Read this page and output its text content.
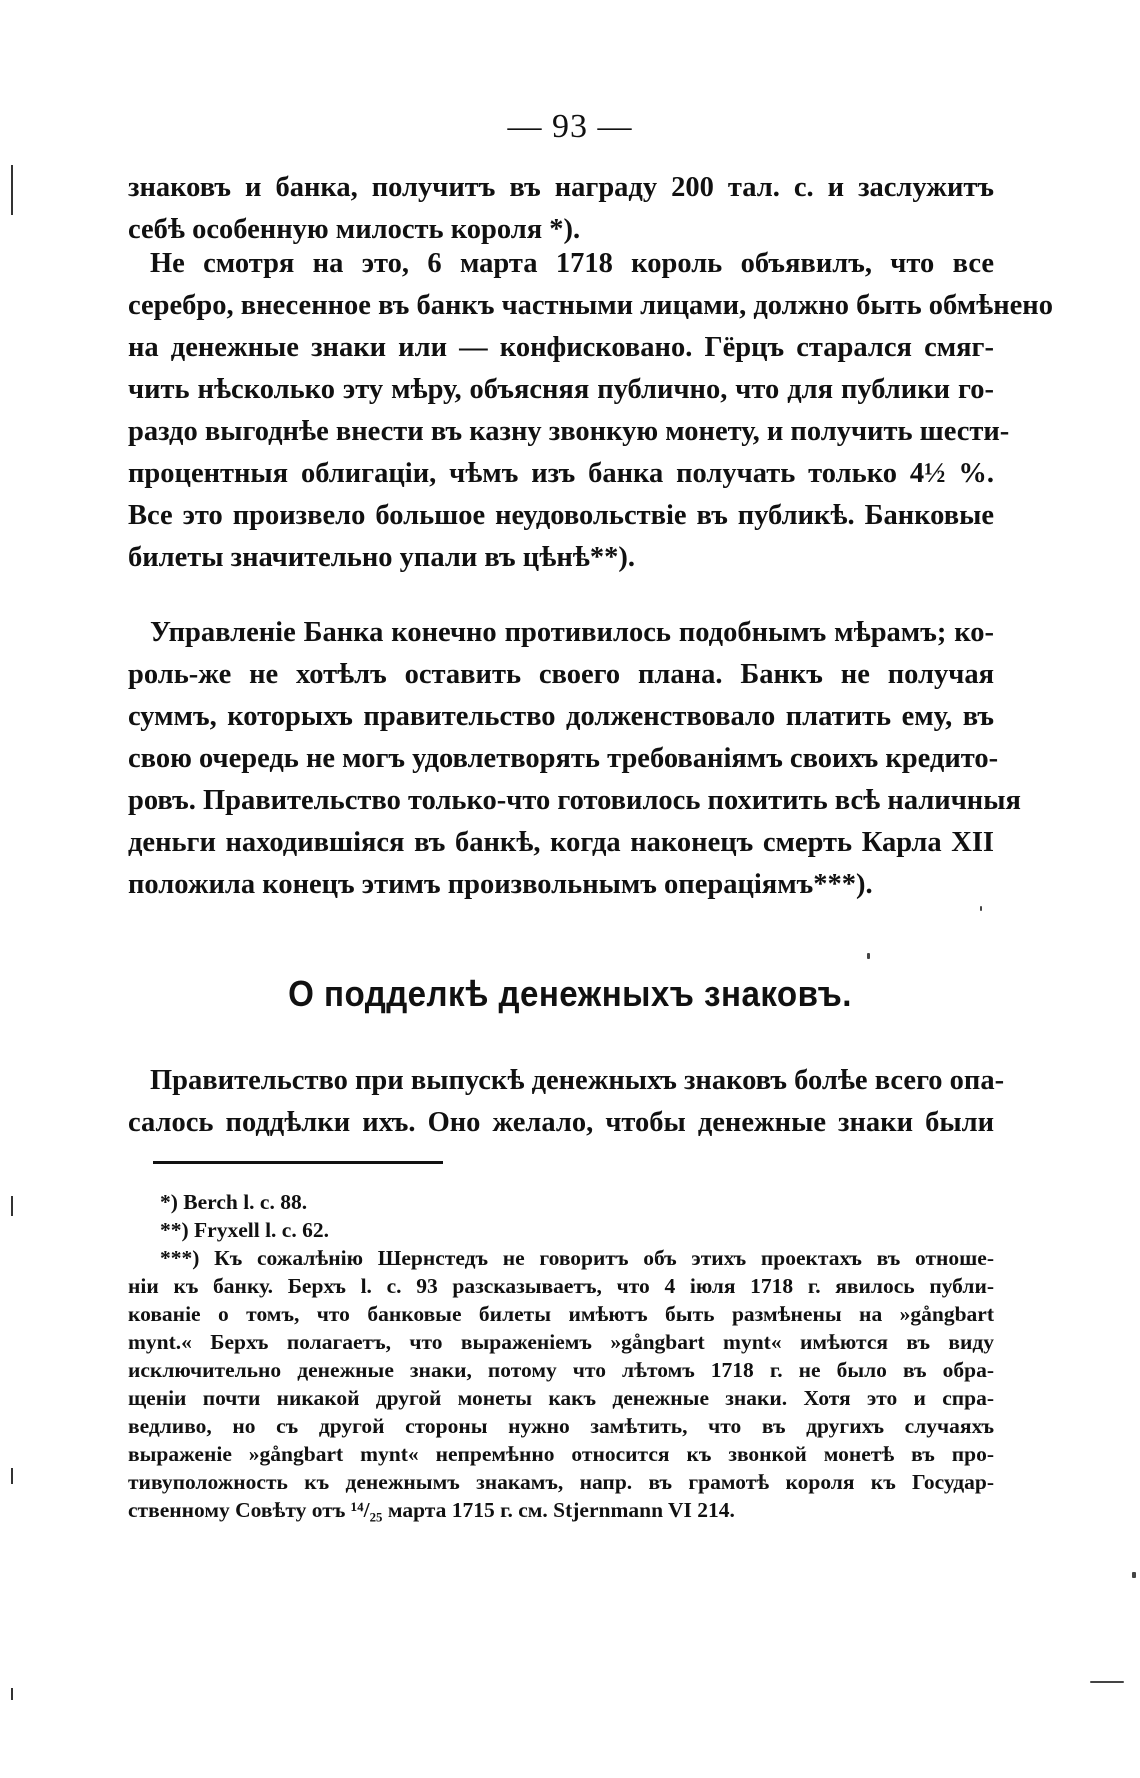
— 93 —
знаковъ и банка, получитъ въ награду 200 тал. с. и заслужитъ
себѣ особенную милость короля *).
Не смотря на это, 6 марта 1718 король объявилъ, что все
серебро, внесенное въ банкъ частными лицами, должно быть обмѣнено
на денежные знаки или — конфисковано. Гёрцъ старался смяг-
чить нѣсколько эту мѣру, объясняя публично, что для публики го-
раздо выгоднѣе внести въ казну звонкую монету, и получить шести-
процентныя облигаціи, чѣмъ изъ банка получать только 4½ %.
Все это произвело большое неудовольствіе въ публикѣ. Банковые
билеты значительно упали въ цѣнѣ**).
Управленіе Банка конечно противилось подобнымъ мѣрамъ; ко-
роль-же не хотѣлъ оставить своего плана. Банкъ не получая
суммъ, которыхъ правительство долженствовало платить ему, въ
свою очередь не могъ удовлетворять требованіямъ своихъ кредито-
ровъ. Правительство только-что готовилось похитить всѣ наличныя
деньги находившіяся въ банкѣ, когда наконецъ смерть Карла XII
положила конецъ этимъ произвольнымъ операціямъ***).
О подделкѣ денежныхъ знаковъ.
Правительство при выпускѣ денежныхъ знаковъ болѣе всего опа-
салось поддѣлки ихъ. Оно желало, чтобы денежные знаки были
*) Berch l. c. 88.
**) Fryxell l. c. 62.
***) Къ сожалѣнію Шернстедъ не говоритъ объ этихъ проектахъ въ отноше-
ніи къ банку. Берхъ l. c. 93 разсказываетъ, что 4 іюля 1718 г. явилось публи-
кованіе о томъ, что банковые билеты имѣютъ быть размѣнены на »gångbart
mynt.« Берхъ полагаетъ, что выраженіемъ »gångbart mynt« имѣются въ виду
исключительно денежные знаки, потому что лѣтомъ 1718 г. не было въ обра-
щеніи почти никакой другой монеты какъ денежные знаки. Хотя это и спра-
ведливо, но съ другой стороны нужно замѣтить, что въ другихъ случаяхъ
выраженіе »gångbart mynt« непремѣнно относится къ звонкой монетѣ въ про-
тивуположность къ денежнымъ знакамъ, напр. въ грамотѣ короля къ Государ-
ственному Совѣту отъ ¹⁴/₂₅ марта 1715 г. см. Stjernmann VI 214.
